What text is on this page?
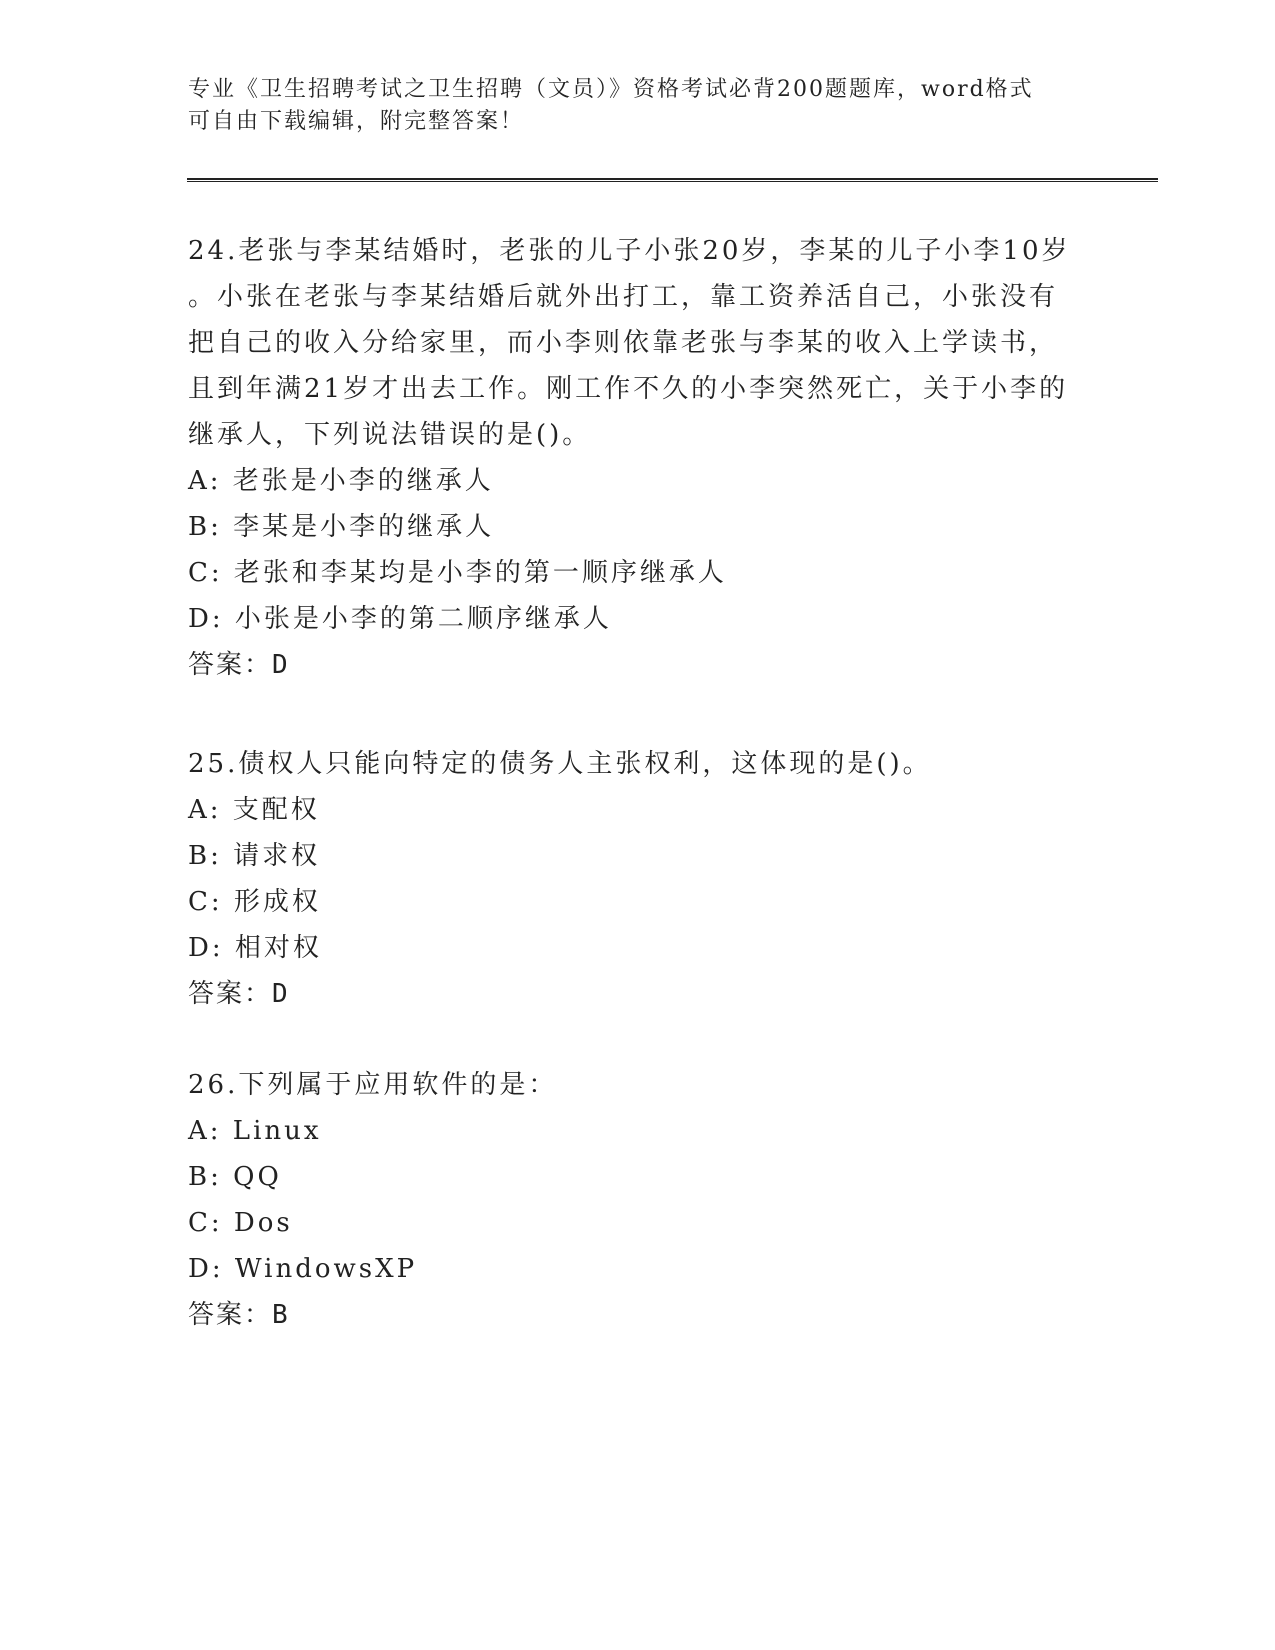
专业《卫生招聘考试之卫生招聘（文员）》资格考试必背200题题库，word格式
可自由下载编辑，附完整答案！
24.老张与李某结婚时，老张的儿子小张20岁，李某的儿子小李10岁
。小张在老张与李某结婚后就外出打工，靠工资养活自己，小张没有
把自己的收入分给家里，而小李则依靠老张与李某的收入上学读书，
且到年满21岁才出去工作。刚工作不久的小李突然死亡，关于小李的
继承人，下列说法错误的是()。
A: 老张是小李的继承人
B: 李某是小李的继承人
C: 老张和李某均是小李的第一顺序继承人
D: 小张是小李的第二顺序继承人
答案：D
25.债权人只能向特定的债务人主张权利，这体现的是()。
A: 支配权
B: 请求权
C: 形成权
D: 相对权
答案：D
26.下列属于应用软件的是：
A: Linux
B: QQ
C: Dos
D: WindowsXP
答案：B
